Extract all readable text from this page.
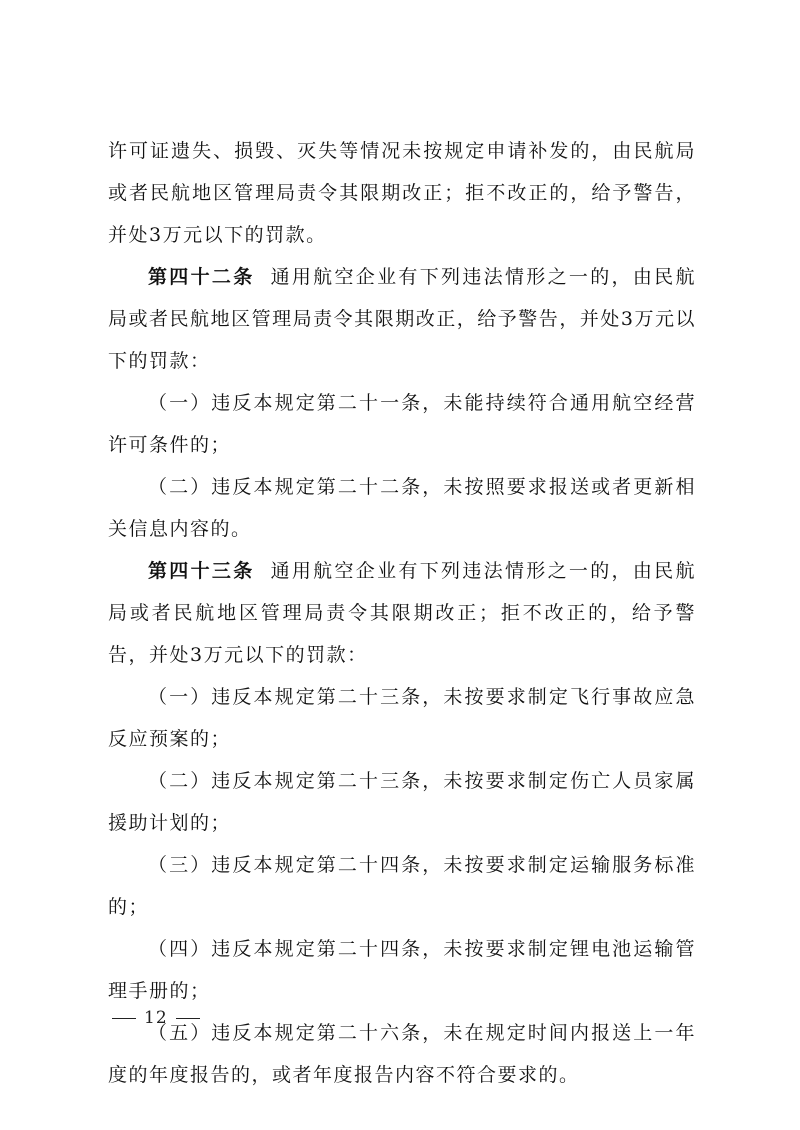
许可证遗失、损毁、灭失等情况未按规定申请补发的，由民航局或者民航地区管理局责令其限期改正；拒不改正的，给予警告，并处3万元以下的罚款。

第四十二条 通用航空企业有下列违法情形之一的，由民航局或者民航地区管理局责令其限期改正，给予警告，并处3万元以下的罚款：

（一）违反本规定第二十一条，未能持续符合通用航空经营许可条件的；

（二）违反本规定第二十二条，未按照要求报送或者更新相关信息内容的。

第四十三条 通用航空企业有下列违法情形之一的，由民航局或者民航地区管理局责令其限期改正；拒不改正的，给予警告，并处3万元以下的罚款：

（一）违反本规定第二十三条，未按要求制定飞行事故应急反应预案的；

（二）违反本规定第二十三条，未按要求制定伤亡人员家属援助计划的；

（三）违反本规定第二十四条，未按要求制定运输服务标准的；

（四）违反本规定第二十四条，未按要求制定锂电池运输管理手册的；

（五）违反本规定第二十六条，未在规定时间内报送上一年度的年度报告的，或者年度报告内容不符合要求的。

12
